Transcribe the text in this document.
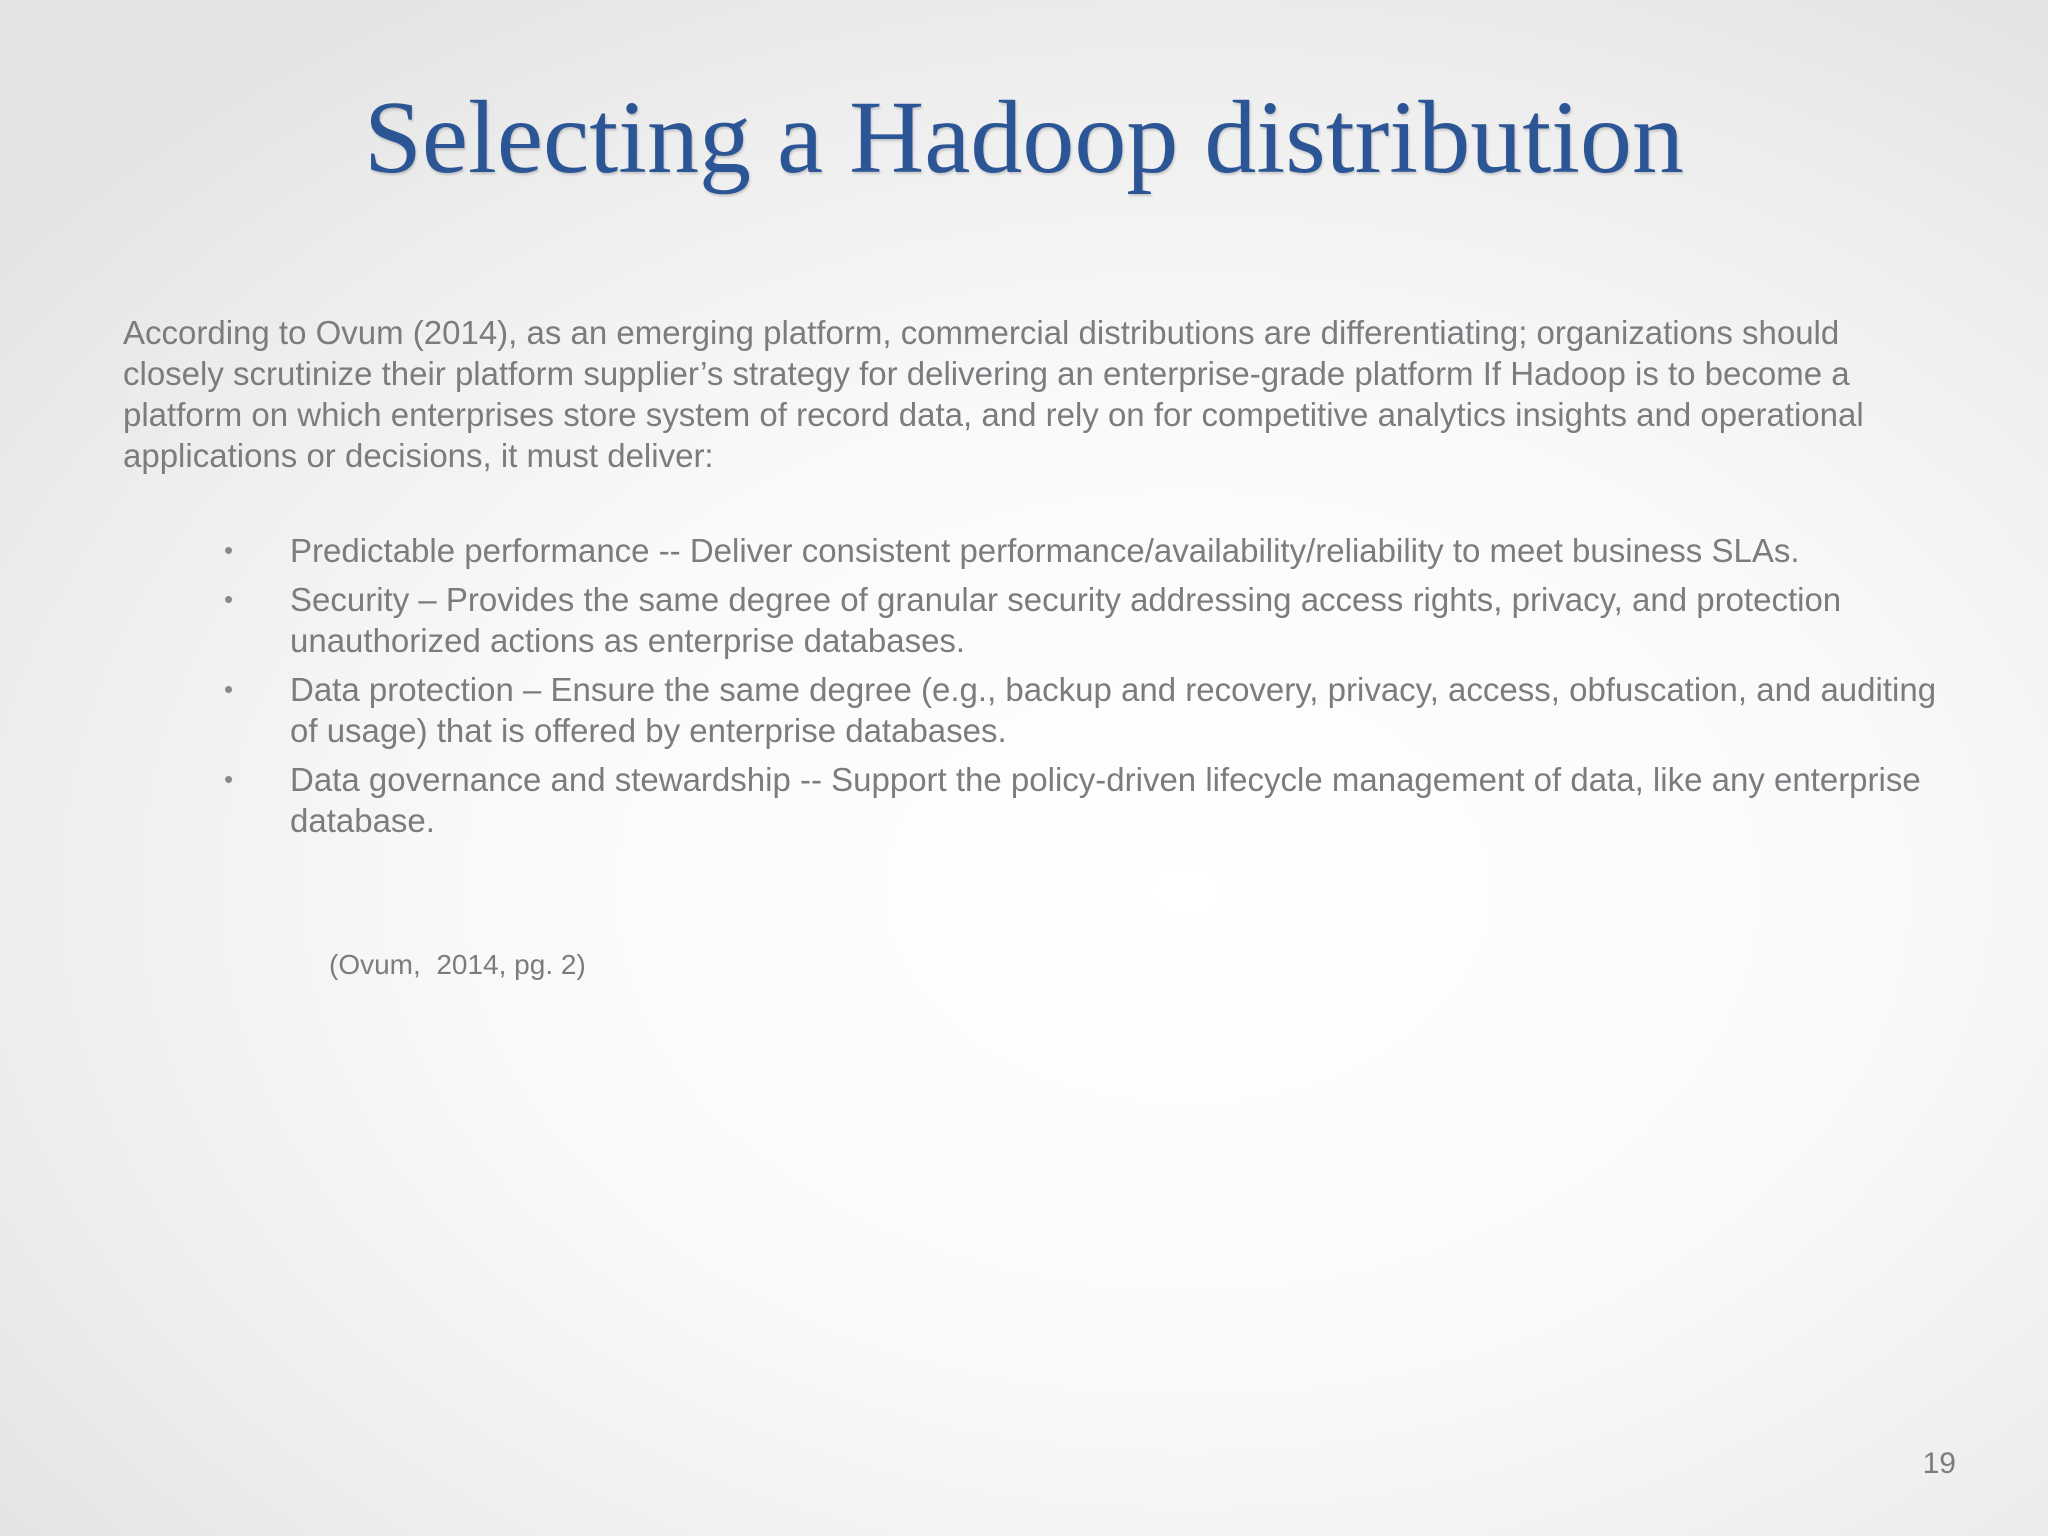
Selecting a Hadoop distribution

According to Ovum (2014), as an emerging platform, commercial distributions are differentiating; organizations should closely scrutinize their platform supplier’s strategy for delivering an enterprise-grade platform If Hadoop is to become a platform on which enterprises store system of record data, and rely on for competitive analytics insights and operational applications or decisions, it must deliver:

• Predictable performance -- Deliver consistent performance/availability/reliability to meet business SLAs.
• Security – Provides the same degree of granular security addressing access rights, privacy, and protection unauthorized actions as enterprise databases.
• Data protection – Ensure the same degree (e.g., backup and recovery, privacy, access, obfuscation, and auditing of usage) that is offered by enterprise databases.
• Data governance and stewardship -- Support the policy-driven lifecycle management of data, like any enterprise database.
(Ovum,  2014, pg. 2)
19
